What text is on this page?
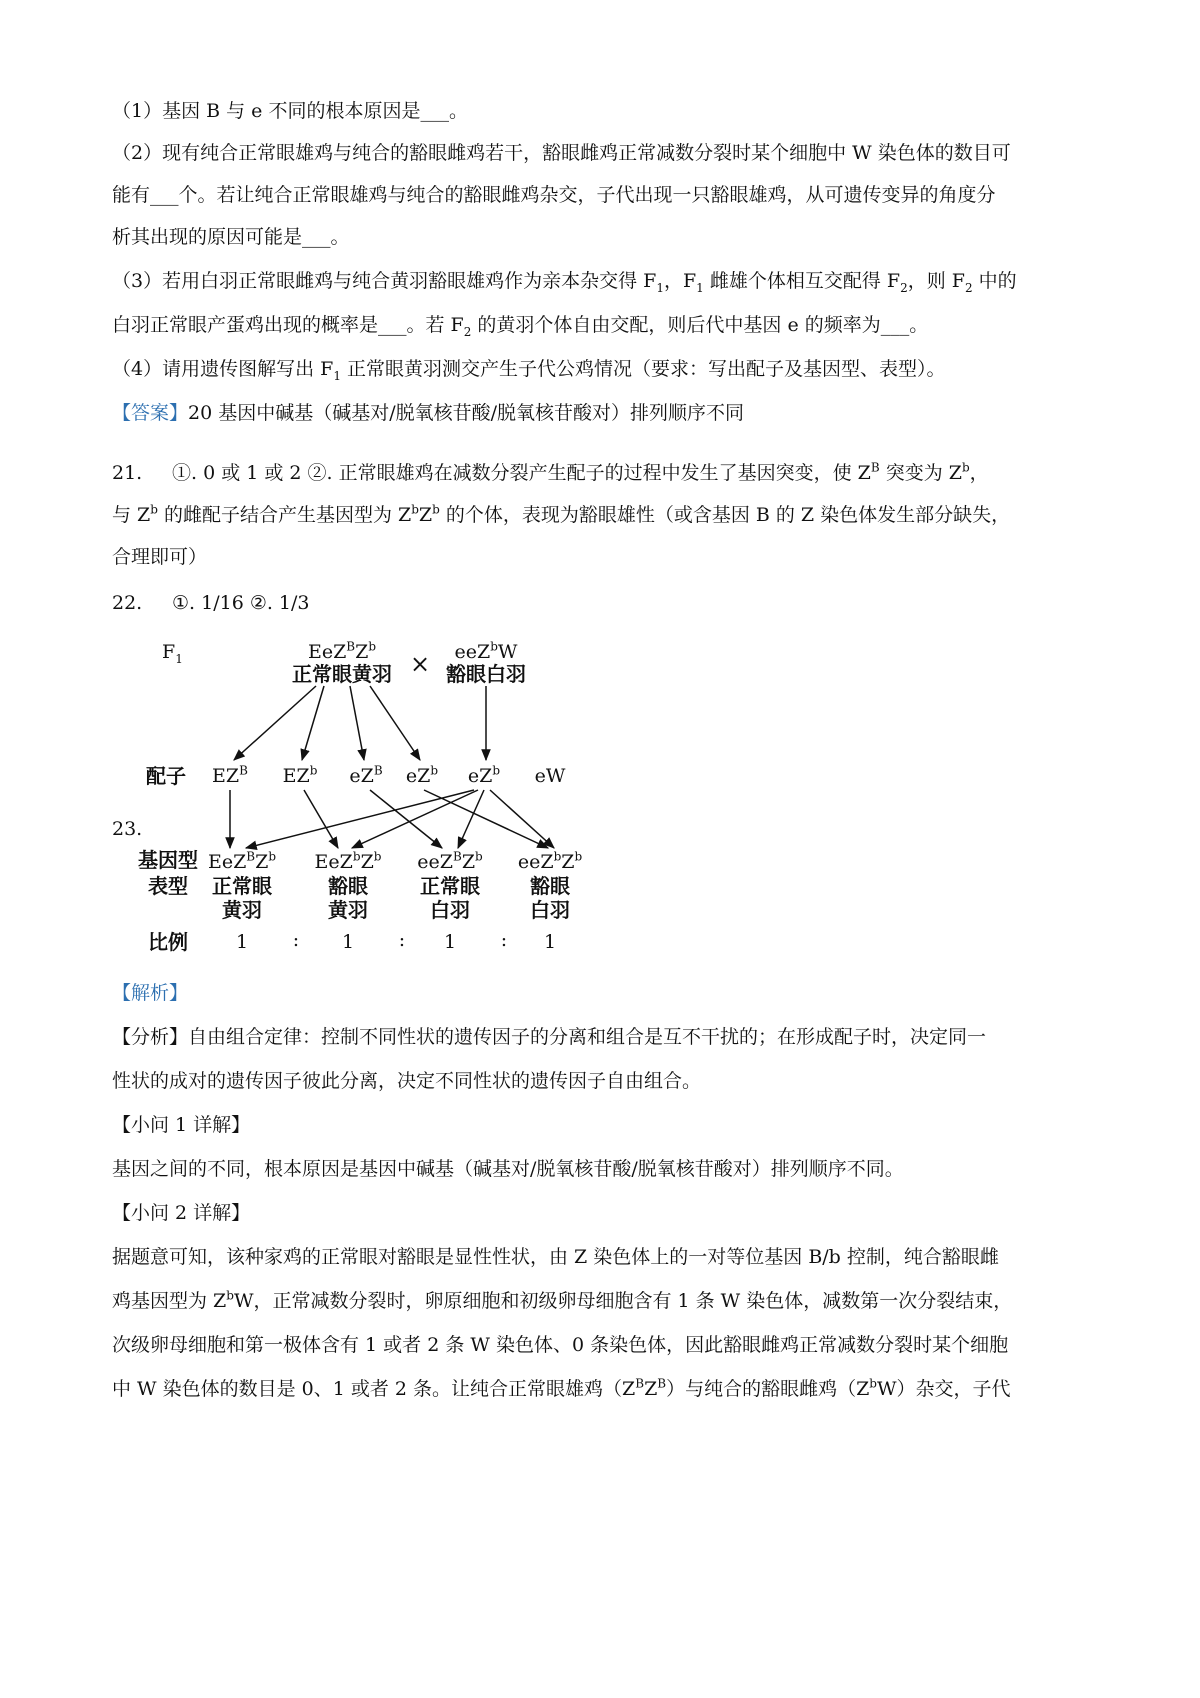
（1）基因 B 与 e 不同的根本原因是___。
（2）现有纯合正常眼雄鸡与纯合的豁眼雌鸡若干，豁眼雌鸡正常减数分裂时某个细胞中 W 染色体的数目可
能有___个。若让纯合正常眼雄鸡与纯合的豁眼雌鸡杂交，子代出现一只豁眼雄鸡，从可遗传变异的角度分
析其出现的原因可能是___。
（3）若用白羽正常眼雌鸡与纯合黄羽豁眼雄鸡作为亲本杂交得 $F_1$，$F_1$ 雌雄个体相互交配得 $F_2$，则 $F_2$ 中的
白羽正常眼产蛋鸡出现的概率是___。若 $F_2$ 的黄羽个体自由交配，则后代中基因 e 的频率为___。
（4）请用遗传图解写出 $F_1$ 正常眼黄羽测交产生子代公鸡情况（要求：写出配子及基因型、表型）。
【答案】20 基因中碱基（碱基对/脱氧核苷酸/脱氧核苷酸对）排列顺序不同
21. ①. 0 或 1 或 2 ②. 正常眼雄鸡在减数分裂产生配子的过程中发生了基因突变，使 $Z^B$ 突变为 $Z^b$，
与 $Z^b$ 的雌配子结合产生基因型为 $Z^bZ^b$ 的个体，表现为豁眼雄性（或含基因 B 的 Z 染色体发生部分缺失，
合理即可）
22. ①. 1/16 ②. 1/3
23.
$F_1$	$EeZ^BZ^b$
正常眼黄羽 × eeZ$^b$W
豁眼白羽
配子 $EZ^B$ $EZ^b$ $eZ^B$ $eZ^b$ $eZ^b$ eW
基因型
表型
比例
$EeZ^BZ^b$
正常眼
黄羽
$EeZ^bZ^b$
豁眼
黄羽
$eeZ^BZ^b$
正常眼
白羽
$eeZ^bZ^b$
豁眼
白羽
1 : 1 : 1 : 1
【解析】
【分析】自由组合定律：控制不同性状的遗传因子的分离和组合是互不干扰的；在形成配子时，决定同一
性状的成对的遗传因子彼此分离，决定不同性状的遗传因子自由组合。
【小问 1 详解】
基因之间的不同，根本原因是基因中碱基（碱基对/脱氧核苷酸/脱氧核苷酸对）排列顺序不同。
【小问 2 详解】
据题意可知，该种家鸡的正常眼对豁眼是显性性状，由 Z 染色体上的一对等位基因 B/b 控制，纯合豁眼雌
鸡基因型为 $Z^bW$，正常减数分裂时，卵原细胞和初级卵母细胞含有 1 条 W 染色体，减数第一次分裂结束，
次级卵母细胞和第一极体含有 1 或者 2 条 W 染色体、0 条染色体，因此豁眼雌鸡正常减数分裂时某个细胞
中 W 染色体的数目是 0、1 或者 2 条。让纯合正常眼雄鸡$(Z^BZ^B)$与纯合的豁眼雌鸡$(Z^bW)$杂交，子代
